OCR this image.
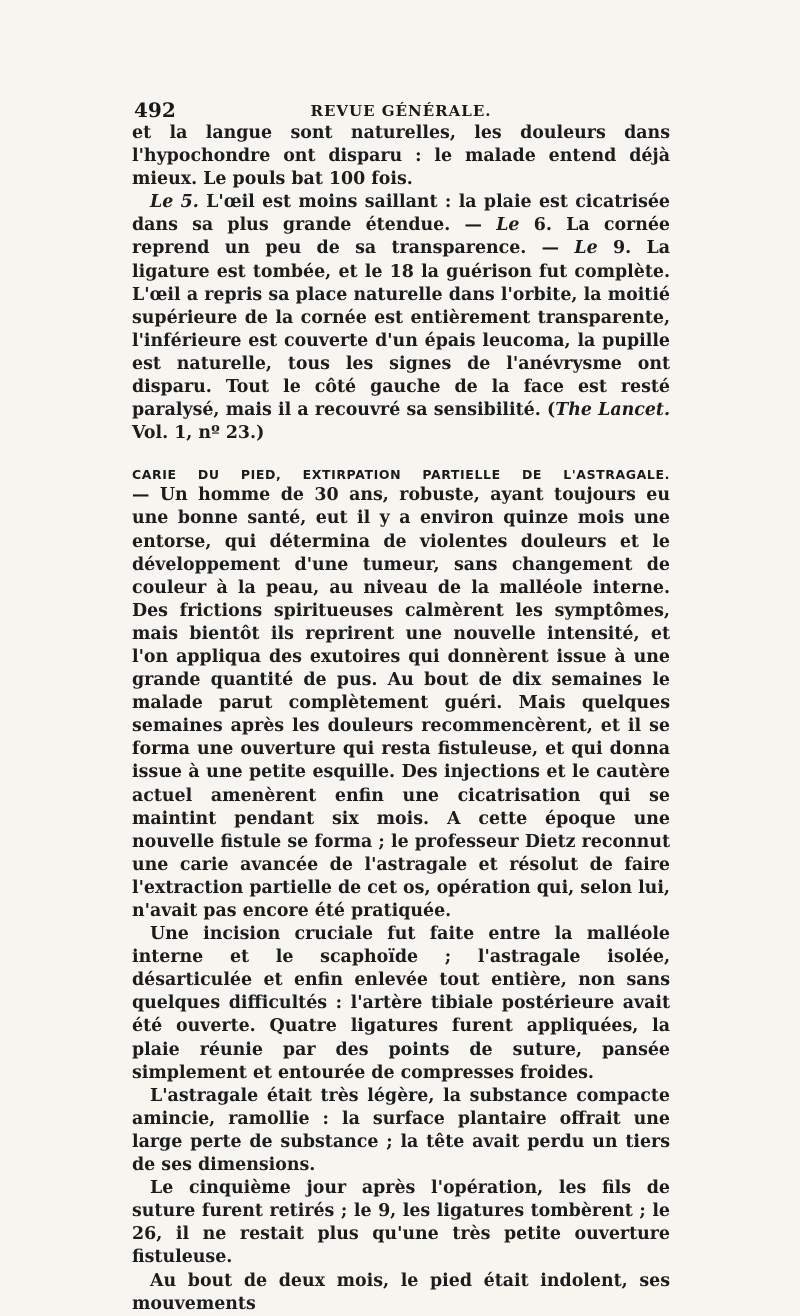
492	REVUE GÉNÉRALE.

et la langue sont naturelles, les douleurs dans l'hypochondre ont disparu : le malade entend déjà mieux. Le pouls bat 100 fois.

Le 5. L'œil est moins saillant : la plaie est cicatrisée dans sa plus grande étendue. — Le 6. La cornée reprend un peu de sa transparence. — Le 9. La ligature est tombée, et le 18 la guérison fut complète. L'œil a repris sa place naturelle dans l'orbite, la moitié supérieure de la cornée est entièrement transparente, l'inférieure est couverte d'un épais leucoma, la pupille est naturelle, tous les signes de l'anévrysme ont disparu. Tout le côté gauche de la face est resté paralysé, mais il a recouvré sa sensibilité. (The Lancet. Vol. 1, nº 23.)

CARIE DU PIED, EXTIRPATION PARTIELLE DE L'ASTRAGALE.

— Un homme de 30 ans, robuste, ayant toujours eu une bonne santé, eut il y a environ quinze mois une entorse, qui détermina de violentes douleurs et le développement d'une tumeur, sans changement de couleur à la peau, au niveau de la malléole interne. Des frictions spiritueuses calmèrent les symptômes, mais bientôt ils reprirent une nouvelle intensité, et l'on appliqua des exutoires qui donnèrent issue à une grande quantité de pus. Au bout de dix semaines le malade parut complètement guéri. Mais quelques semaines après les douleurs recommencèrent, et il se forma une ouverture qui resta fistuleuse, et qui donna issue à une petite esquille. Des injections et le cautère actuel amenèrent enfin une cicatrisation qui se maintint pendant six mois. A cette époque une nouvelle fistule se forma ; le professeur Dietz reconnut une carie avancée de l'astragale et résolut de faire l'extraction partielle de cet os, opération qui, selon lui, n'avait pas encore été pratiquée.

Une incision cruciale fut faite entre la malléole interne et le scaphoïde ; l'astragale isolée, désarticulée et enfin enlevée tout entière, non sans quelques difficultés : l'artère tibiale postérieure avait été ouverte. Quatre ligatures furent appliquées, la plaie réunie par des points de suture, pansée simplement et entourée de compresses froides.

L'astragale était très légère, la substance compacte amincie, ramollie : la surface plantaire offrait une large perte de substance ; la tête avait perdu un tiers de ses dimensions.

Le cinquième jour après l'opération, les fils de suture furent retirés ; le 9, les ligatures tombèrent ; le 26, il ne restait plus qu'une très petite ouverture fistuleuse.

Au bout de deux mois, le pied était indolent, ses mouvements
